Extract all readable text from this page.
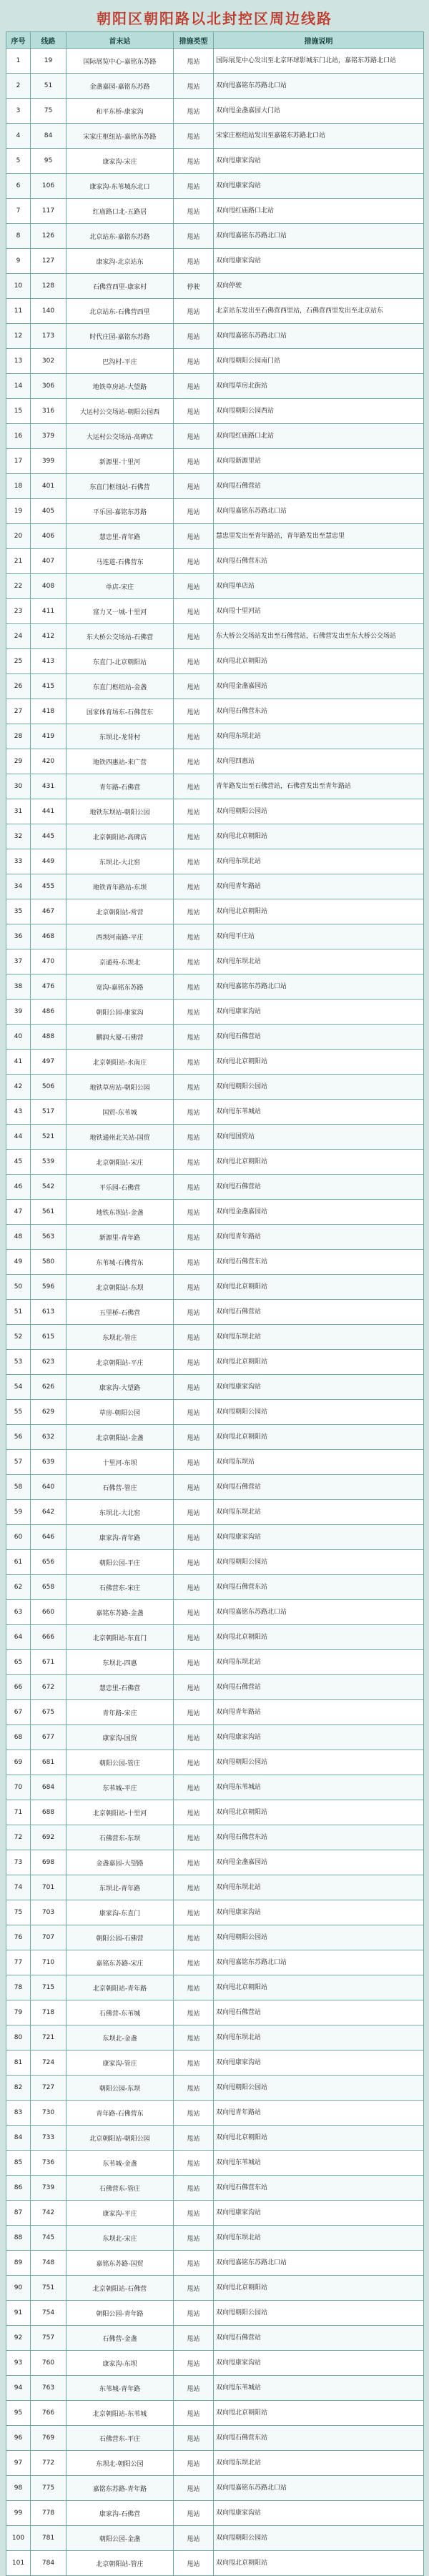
朝阳区朝阳路以北封控区周边线路
序号	线路	首末站	措施类型	措施说明
1	19	国际展览中心-嘉铭东苏路	甩站	国际展览中心发出至北京环球影城东门北站，嘉铭东苏路北口站
2	51	金盏嘉园-嘉铭东苏路	甩站	双向甩嘉铭东苏路北口站
3	75	和平东桥-康家沟	甩站	双向甩金盏嘉园大门站
4	84	宋家庄枢纽站-嘉铭东苏路	甩站	宋家庄枢纽站发出至嘉铭东苏路北口站
5	95	康家沟-宋庄	甩站	双向甩康家沟站
6	106	康家沟-东苇城东北口	甩站	双向甩康家沟站
7	117	红庙路口北-五路居	甩站	双向甩红庙路口北站
8	126	北京站东-嘉铭东苏路	甩站	双向甩嘉铭东苏路北口站
9	127	康家沟-北京站东	甩站	双向甩康家沟站
10	128	石佛营西里-康家村	停驶	双向停驶
11	140	北京站东-石佛营西里	甩站	北京站东发出至石佛营西里站，石佛营西里发出至北京站东
12	173	时代庄园-嘉铭东苏路	甩站	双向甩嘉铭东苏路北口站
13	302	巴沟村-平庄	甩站	双向甩朝阳公园南门站
14	306	地铁草房站-大望路	甩站	双向甩草房北街站
15	316	大运村公交场站-朝阳公园西	甩站	双向甩朝阳公园西站
16	379	大运村公交场站-高碑店	甩站	双向甩红庙路口北站
17	399	新源里-十里河	甩站	双向甩新源里站
18	401	东直门枢纽站-石佛营	甩站	双向甩石佛营站
19	405	平乐园-嘉铭东苏路	甩站	双向甩嘉铭东苏路北口站
20	406	慧忠里-青年路	甩站	慧忠里发出至青年路站，青年路发出至慧忠里
21	407	马连道-石佛营东	甩站	双向甩石佛营东站
22	408	单店-宋庄	甩站	双向甩单店站
23	411	富力又一城-十里河	甩站	双向甩十里河站
24	412	东大桥公交场站-石佛营	甩站	东大桥公交场站发出至石佛营站，石佛营发出至东大桥公交场站
25	413	东直门-北京朝阳站	甩站	双向甩北京朝阳站
26	415	东直门枢纽站-金盏	甩站	双向甩金盏嘉园站
27	418	国家体育场东-石佛营东	甩站	双向甩石佛营东站
28	419	东坝北-龙背村	甩站	双向甩东坝北站
29	420	地铁四惠站-来广营	甩站	双向甩四惠站
30	431	青年路-石佛营	甩站	青年路发出至石佛营站，石佛营发出至青年路站
31	441	地铁东坝站-朝阳公园	甩站	双向甩朝阳公园站
32	445	北京朝阳站-高碑店	甩站	双向甩北京朝阳站
33	449	东坝北-大北窑	甩站	双向甩东坝北站
34	455	地铁青年路站-东坝	甩站	双向甩青年路站
35	467	北京朝阳站-常营	甩站	双向甩北京朝阳站
36	468	西坝河南路-平庄	甩站	双向甩平庄站
37	470	京通苑-东坝北	甩站	双向甩东坝北站
38	476	宽沟-嘉铭东苏路	甩站	双向甩嘉铭东苏路北口站
39	486	朝阳公园-康家沟	甩站	双向甩康家沟站
40	488	鹏润大厦-石佛营	甩站	双向甩石佛营站
41	497	北京朝阳站-水南庄	甩站	双向甩北京朝阳站
42	506	地铁草房站-朝阳公园	甩站	双向甩朝阳公园站
43	517	国贸-东苇城	甩站	双向甩东苇城站
44	521	地铁通州北关站-国贸	甩站	双向甩国贸站
45	539	北京朝阳站-宋庄	甩站	双向甩北京朝阳站
46	542	平乐园-石佛营	甩站	双向甩石佛营站
47	561	地铁东坝站-金盏	甩站	双向甩金盏嘉园站
48	563	新源里-青年路	甩站	双向甩青年路站
49	580	东苇城-石佛营东	甩站	双向甩石佛营东站
50	596	北京朝阳站-东坝	甩站	双向甩北京朝阳站
51	613	五里桥-石佛营	甩站	双向甩石佛营站
52	615	东坝北-管庄	甩站	双向甩东坝北站
53	623	北京朝阳站-平庄	甩站	双向甩北京朝阳站
54	626	康家沟-大望路	甩站	双向甩康家沟站
55	629	草房-朝阳公园	甩站	双向甩朝阳公园站
56	632	北京朝阳站-金盏	甩站	双向甩北京朝阳站
57	639	十里河-东坝	甩站	双向甩东坝站
58	640	石佛营-管庄	甩站	双向甩石佛营站
59	642	东坝北-大北窑	甩站	双向甩东坝北站
60	646	康家沟-青年路	甩站	双向甩康家沟站
61	656	朝阳公园-平庄	甩站	双向甩朝阳公园站
62	658	石佛营东-宋庄	甩站	双向甩石佛营东站
63	660	嘉铭东苏路-金盏	甩站	双向甩嘉铭东苏路北口站
64	666	北京朝阳站-东直门	甩站	双向甩北京朝阳站
65	671	东坝北-四惠	甩站	双向甩东坝北站
66	672	慧忠里-石佛营	甩站	双向甩石佛营站
67	675	青年路-宋庄	甩站	双向甩青年路站
68	677	康家沟-国贸	甩站	双向甩康家沟站
69	681	朝阳公园-管庄	甩站	双向甩朝阳公园站
70	684	东苇城-平庄	甩站	双向甩东苇城站
71	688	北京朝阳站-十里河	甩站	双向甩北京朝阳站
72	692	石佛营东-东坝	甩站	双向甩石佛营东站
73	698	金盏嘉园-大望路	甩站	双向甩金盏嘉园站
74	701	东坝北-青年路	甩站	双向甩东坝北站
75	703	康家沟-东直门	甩站	双向甩康家沟站
76	707	朝阳公园-石佛营	甩站	双向甩朝阳公园站
77	710	嘉铭东苏路-宋庄	甩站	双向甩嘉铭东苏路北口站
78	715	北京朝阳站-青年路	甩站	双向甩北京朝阳站
79	718	石佛营-东苇城	甩站	双向甩石佛营站
80	721	东坝北-金盏	甩站	双向甩东坝北站
81	724	康家沟-管庄	甩站	双向甩康家沟站
82	727	朝阳公园-东坝	甩站	双向甩朝阳公园站
83	730	青年路-石佛营东	甩站	双向甩青年路站
84	733	北京朝阳站-朝阳公园	甩站	双向甩北京朝阳站
85	736	东苇城-金盏	甩站	双向甩东苇城站
86	739	石佛营东-管庄	甩站	双向甩石佛营东站
87	742	康家沟-平庄	甩站	双向甩康家沟站
88	745	东坝北-宋庄	甩站	双向甩东坝北站
89	748	嘉铭东苏路-国贸	甩站	双向甩嘉铭东苏路北口站
90	751	北京朝阳站-石佛营	甩站	双向甩北京朝阳站
91	754	朝阳公园-青年路	甩站	双向甩朝阳公园站
92	757	石佛营-金盏	甩站	双向甩石佛营站
93	760	康家沟-东坝	甩站	双向甩康家沟站
94	763	东苇城-青年路	甩站	双向甩东苇城站
95	766	北京朝阳站-东苇城	甩站	双向甩北京朝阳站
96	769	石佛营东-平庄	甩站	双向甩石佛营东站
97	772	东坝北-朝阳公园	甩站	双向甩东坝北站
98	775	嘉铭东苏路-青年路	甩站	双向甩嘉铭东苏路北口站
99	778	康家沟-石佛营	甩站	双向甩康家沟站
100	781	朝阳公园-金盏	甩站	双向甩朝阳公园站
101	784	北京朝阳站-管庄	甩站	双向甩北京朝阳站
